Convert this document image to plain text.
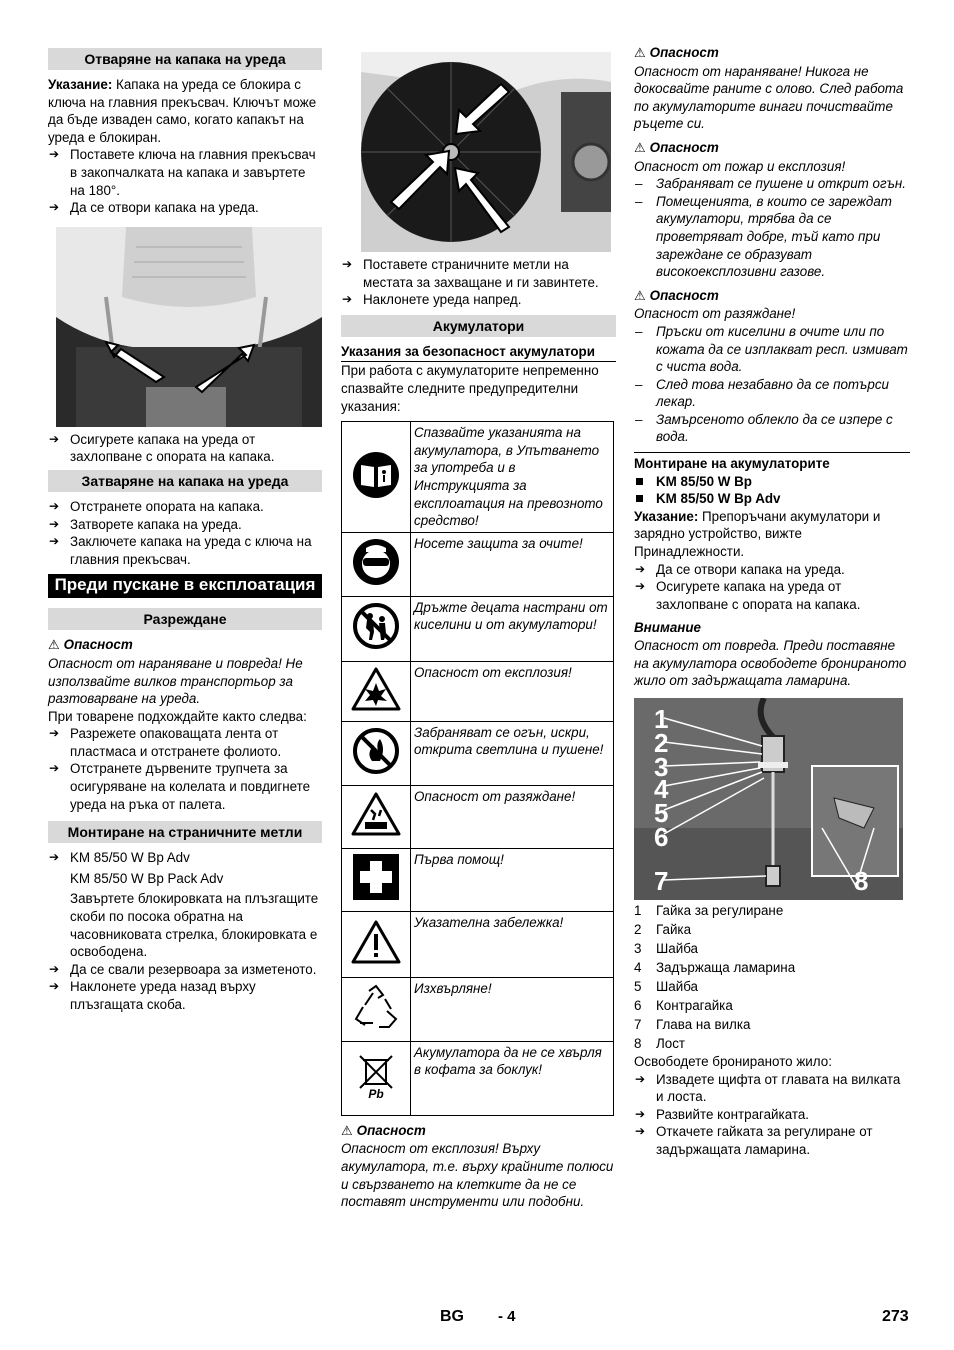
Отваряне на капака на уреда

Указание: Капака на уреда се блокира с ключа на главния прекъсвач. Ключът може да бъде изваден само, когато капакът на уреда е блокиран.

➔ Поставете ключа на главния прекъсвач в закопчалката на капака и завъртете на 180°.

➔ Да се отвори капака на уреда.

➔ Осигурете капака на уреда от захлопване с опората на капака.

Затваряне на капака на уреда

➔ Отстранете опората на капака.

➔ Затворете капака на уреда.

➔ Заключете капака на уреда с ключа на главния прекъсвач.

Преди пускане в експлоатация
Разреждане

⚠ Опасност

Опасност от нараняване и повреда! Не използвайте вилков транспортьор за разтоварване на уреда.

При товарене подхождайте както следва:

➔ Разрежете опаковащата лента от пластмаса и отстранете фолиото.

➔ Отстранете дървените трупчета за осигуряване на колелата и повдигнете уреда на ръка от палета.

Монтиране на страничните метли

➔ KM 85/50 W Bp Adv

KM 85/50 W Bp Pack Adv

Завъртете блокировката на плъзгащите скоби по посока обратна на часовниковата стрелка, блокировката е освободена.

➔ Да се свали резервоара за изметеното.

➔ Наклонете уреда назад върху плъзгащата скоба.

➔ Поставете страничните метли на местата за захващане и ги завинтете.

➔ Наклонете уреда напред.

Акумулатори

Указания за безопасност акумулатори

При работа с акумулаторите непременно спазвайте следните предупредителни указания:

	Спазвайте указанията на акумулатора, в Упътването за употреба и в Инструкцията за експлоатация на превозното средство!
	Носете защита за очите!
	Дръжте децата настрани от киселини и от акумулатори!
	Опасност от експлозия!
	Забраняват се огън, искри, открита светлина и пушене!
	Опасност от разяждане!
	Първа помощ!
	Указателна забележка!
	Изхвърляне!

Pb	Акумулатора да не се хвърля в кофата за боклук!

⚠ Опасност

Опасност от експлозия! Върху акумулатора, т.е. върху крайните полюси и свързването на клетките да не се поставят инструменти или подобни.

⚠ Опасност

Опасност от нараняване! Никога не докосвайте раните с олово. След работа по акумулаторите винаги почиствайте ръцете си.

⚠ Опасност

Опасност от пожар и експлозия!

– Забраняват се пушене и открит огън.

– Помещенията, в които се зареждат акумулатори, трябва да се проветряват добре, тъй като при зареждане се образуват високоексплозивни газове.

⚠ Опасност

Опасност от разяждане!

– Пръски от киселини в очите или по кожата да се изплакват респ. измиват с чиста вода.

– След това незабавно да се потърси лекар.

– Замърсеното облекло да се изпере с вода.

Монтиране на акумулаторите

KM 85/50 W Bp

KM 85/50 W Bp Adv

Указание: Препоръчани акумулатори и зарядно устройство, вижте Принадлежности.

➔ Да се отвори капака на уреда.

➔ Осигурете капака на уреда от захлопване с опората на капака.

Внимание

Опасност от повреда. Преди поставяне на акумулатора освободете бронираното жило от задържащата ламарина.

1
2
3
4
5
6
7	8

1 Гайка за регулиране

2 Гайка

3 Шайба

4 Задържаща ламарина

5 Шайба

6 Контрагайка

7 Глава на вилка

8 Лост

Освободете бронираното жило:

➔ Извадете щифта от главата на вилката и лоста.

➔ Развийте контрагайката.

➔ Откачете гайката за регулиране от задържащата ламарина.

BG - 4	273
